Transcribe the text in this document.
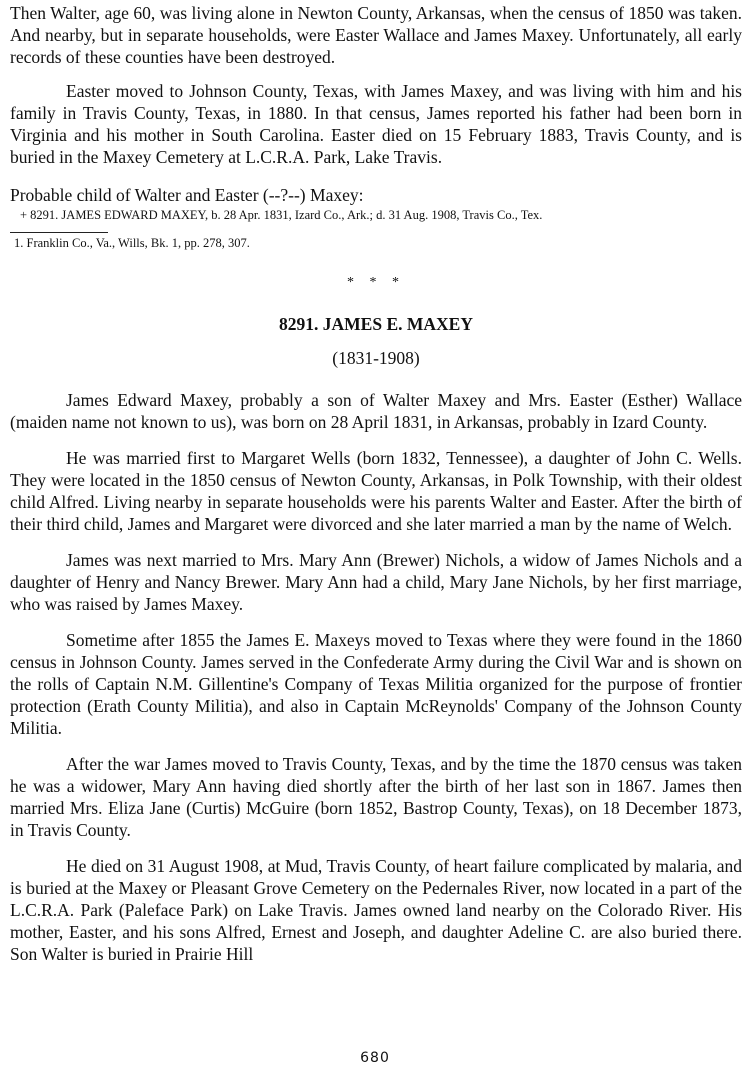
Then Walter, age 60, was living alone in Newton County, Arkansas, when the census of 1850 was taken. And nearby, but in separate households, were Easter Wallace and James Maxey. Unfortunately, all early records of these counties have been destroyed.

Easter moved to Johnson County, Texas, with James Maxey, and was living with him and his family in Travis County, Texas, in 1880. In that census, James reported his father had been born in Virginia and his mother in South Carolina. Easter died on 15 February 1883, Travis County, and is buried in the Maxey Cemetery at L.C.R.A. Park, Lake Travis.

Probable child of Walter and Easter (--?--) Maxey:

+ 8291. JAMES EDWARD MAXEY, b. 28 Apr. 1831, Izard Co., Ark.; d. 31 Aug. 1908, Travis Co., Tex.
1. Franklin Co., Va., Wills, Bk. 1, pp. 278, 307.
* * *
8291. JAMES E. MAXEY
(1831-1908)

James Edward Maxey, probably a son of Walter Maxey and Mrs. Easter (Esther) Wallace (maiden name not known to us), was born on 28 April 1831, in Arkansas, probably in Izard County.

He was married first to Margaret Wells (born 1832, Tennessee), a daughter of John C. Wells. They were located in the 1850 census of Newton County, Arkansas, in Polk Township, with their oldest child Alfred. Living nearby in separate households were his parents Walter and Easter. After the birth of their third child, James and Margaret were divorced and she later married a man by the name of Welch.

James was next married to Mrs. Mary Ann (Brewer) Nichols, a widow of James Nichols and a daughter of Henry and Nancy Brewer. Mary Ann had a child, Mary Jane Nichols, by her first marriage, who was raised by James Maxey.

Sometime after 1855 the James E. Maxeys moved to Texas where they were found in the 1860 census in Johnson County. James served in the Confederate Army during the Civil War and is shown on the rolls of Captain N.M. Gillentine's Company of Texas Militia organized for the purpose of frontier protection (Erath County Militia), and also in Captain McReynolds' Company of the Johnson County Militia.

After the war James moved to Travis County, Texas, and by the time the 1870 census was taken he was a widower, Mary Ann having died shortly after the birth of her last son in 1867. James then married Mrs. Eliza Jane (Curtis) McGuire (born 1852, Bastrop County, Texas), on 18 December 1873, in Travis County.

He died on 31 August 1908, at Mud, Travis County, of heart failure complicated by malaria, and is buried at the Maxey or Pleasant Grove Cemetery on the Pedernales River, now located in a part of the L.C.R.A. Park (Paleface Park) on Lake Travis. James owned land nearby on the Colorado River. His mother, Easter, and his sons Alfred, Ernest and Joseph, and daughter Adeline C. are also buried there. Son Walter is buried in Prairie Hill

680
